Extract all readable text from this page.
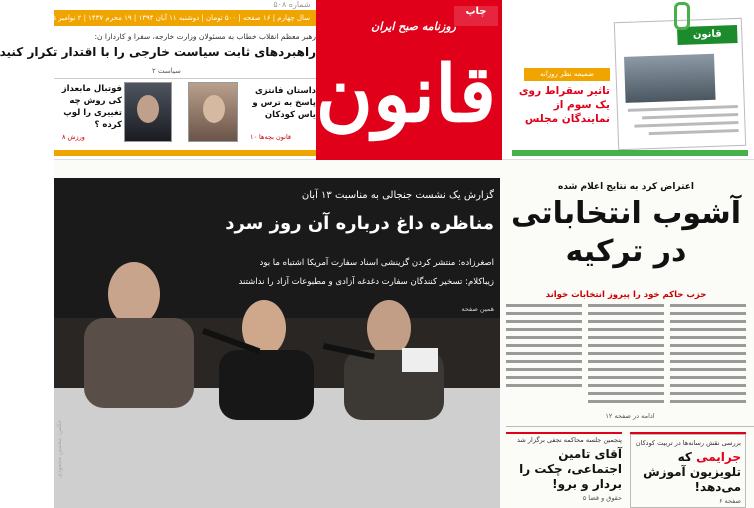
شماره ۵۰۸
سال چهارم | ۱۶ صفحه | ۵۰۰ تومان | دوشنبه ۱۱ آبان ۱۳۹۴ | ۱۹ محرم ۱۴۳۷ | ۲ نوامبر ۲۰۱۵
رهبر معظم انقلاب خطاب به مسئولان وزارت خارجه، سفرا و کاردارا ن:
راهبردهای ثابت سیاست خارجی را با اقتدار تکرار کنید
سیاست ۲
داستان فانتزی پاسخ به ترس و یاس کودکان
قانون بچه‌ها ۱۰
فوتبال مابعداز کی روش چه تغییری را لوپ کرده ؟
ورزش ۸
چاپ
روزنامه صبح ایران
قانون
قانون
ضمیمه نظر روزانه
تاثیر سقراط روی یک سوم از نمایندگان مجلس
گزارش یک نشست جنجالی به مناسبت ۱۳ آبان
مناظره داغ درباره آن روز سرد
اصغرزاده: منتشر کردن گزینشی اسناد سفارت آمریکا اشتباه ما بود
زیباکلام: تسخیر کنندگان سفارت دغدغه آزادی و مطبوعات آزاد را نداشتند
همین صفحه
عکس: محسن محمودی
اعتراض کرد به نتایج اعلام شده
آشوب انتخاباتی
در ترکیه
حزب حاکم خود را پیروز انتخابات خواند
ادامه در صفحه ۱۲
بررسی نقش رسانه‌ها در تربیت کودکان
جرایمی که تلویزیون آموزش می‌دهد!
صفحه ۶
پنجمین جلسه محاکمه نجفی برگزار شد
آقای تامین اجتماعی، چکت را بردار و برو!
حقوق و قضا ۵
